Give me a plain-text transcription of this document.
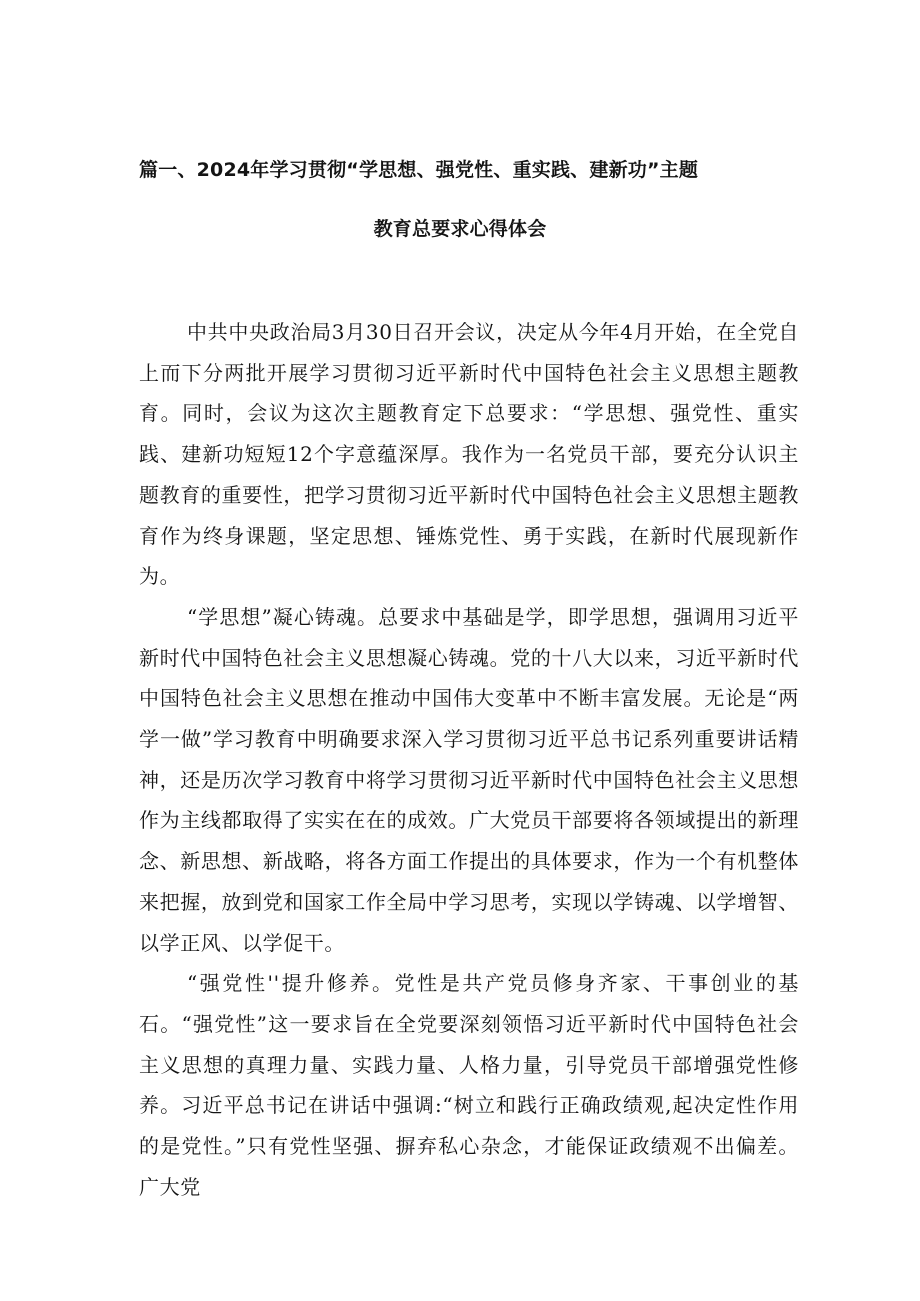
篇一、2024年学习贯彻“学思想、强党性、重实践、建新功”主题
教育总要求心得体会

中共中央政治局3月30日召开会议，决定从今年4月开始，在全党自上而下分两批开展学习贯彻习近平新时代中国特色社会主义思想主题教育。同时，会议为这次主题教育定下总要求：“学思想、强党性、重实践、建新功短短12个字意蕴深厚。我作为一名党员干部，要充分认识主题教育的重要性，把学习贯彻习近平新时代中国特色社会主义思想主题教育作为终身课题，坚定思想、锤炼党性、勇于实践，在新时代展现新作为。

“学思想”凝心铸魂。总要求中基础是学，即学思想，强调用习近平新时代中国特色社会主义思想凝心铸魂。党的十八大以来，习近平新时代中国特色社会主义思想在推动中国伟大变革中不断丰富发展。无论是“两学一做”学习教育中明确要求深入学习贯彻习近平总书记系列重要讲话精神，还是历次学习教育中将学习贯彻习近平新时代中国特色社会主义思想作为主线都取得了实实在在的成效。广大党员干部要将各领域提出的新理念、新思想、新战略，将各方面工作提出的具体要求，作为一个有机整体来把握，放到党和国家工作全局中学习思考，实现以学铸魂、以学增智、以学正风、以学促干。

“强党性''提升修养。党性是共产党员修身齐家、干事创业的基石。“强党性”这一要求旨在全党要深刻领悟习近平新时代中国特色社会主义思想的真理力量、实践力量、人格力量，引导党员干部增强党性修养。习近平总书记在讲话中强调:“树立和践行正确政绩观,起决定性作用的是党性。”只有党性坚强、摒弃私心杂念，才能保证政绩观不出偏差。广大党
